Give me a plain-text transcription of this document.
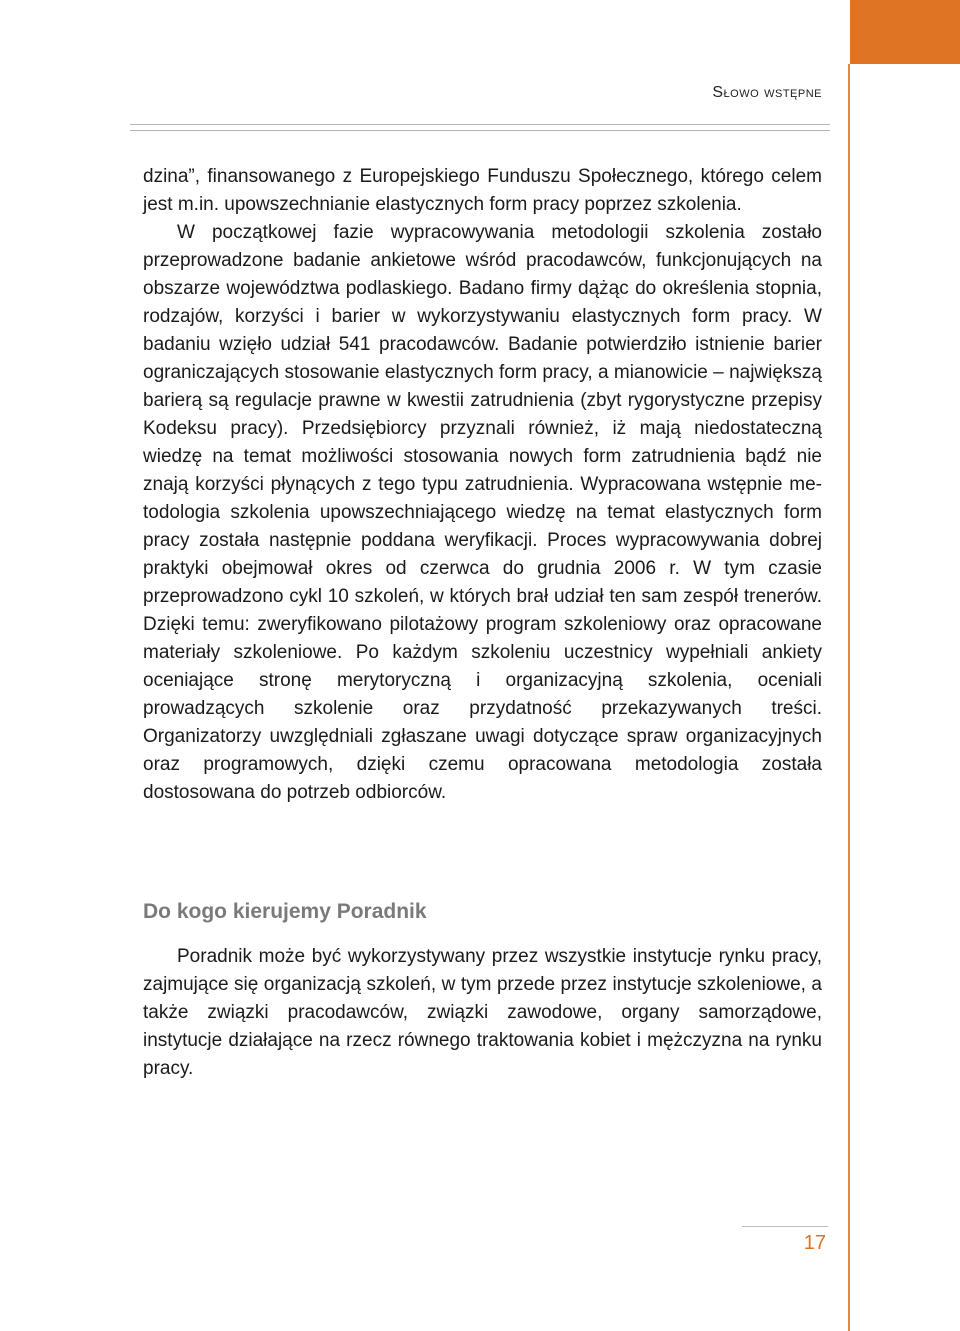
Słowo wstępne

dzina”, finansowanego z Europejskiego Funduszu Społecznego, którego celem jest m.in. upowszechnianie elastycznych form pracy poprzez szkolenia.

W początkowej fazie wypracowywania metodologii szkolenia zostało przeprowadzone badanie ankietowe wśród pracodawców, funkcjonujących na obszarze województwa podlaskiego. Badano firmy dążąc do określenia stopnia, rodzajów, korzyści i barier w wykorzystywaniu elastycznych form pracy. W badaniu wzięło udział 541 pracodawców. Badanie potwierdziło istnienie barier ograniczających stosowanie elastycznych form pracy, a mianowicie – największą barierą są regulacje prawne w kwestii zatrudnienia (zbyt rygorystyczne przepisy Kodeksu pracy). Przedsiębiorcy przyznali również, iż mają niedostateczną wiedzę na temat możliwości stosowania nowych form zatrudnienia bądź nie znają korzyści płynących z tego typu zatrudnienia. Wypracowana wstępnie metodologia szkolenia upowszechniającego wiedzę na temat elastycznych form pracy została następnie poddana weryfikacji. Proces wypracowywania dobrej praktyki obejmował okres od czerwca do grudnia 2006 r. W tym czasie przeprowadzono cykl 10 szkoleń, w których brał udział ten sam zespół trenerów. Dzięki temu: zweryfikowano pilotażowy program szkoleniowy oraz opracowane materiały szkoleniowe. Po każdym szkoleniu uczestnicy wypełniali ankiety oceniające stronę merytoryczną i organizacyjną szkolenia, oceniali prowadzących szkolenie oraz przydatność przekazywanych treści. Organizatorzy uwzględniali zgłaszane uwagi dotyczące spraw organizacyjnych oraz programowych, dzięki czemu opracowana metodologia została dostosowana do potrzeb odbiorców.

Do kogo kierujemy Poradnik

Poradnik może być wykorzystywany przez wszystkie instytucje rynku pracy, zajmujące się organizacją szkoleń, w tym przede przez instytucje szkoleniowe, a także związki pracodawców, związki zawodowe, organy samorządowe, instytucje działające na rzecz równego traktowania kobiet i mężczyzna na rynku pracy.

17
